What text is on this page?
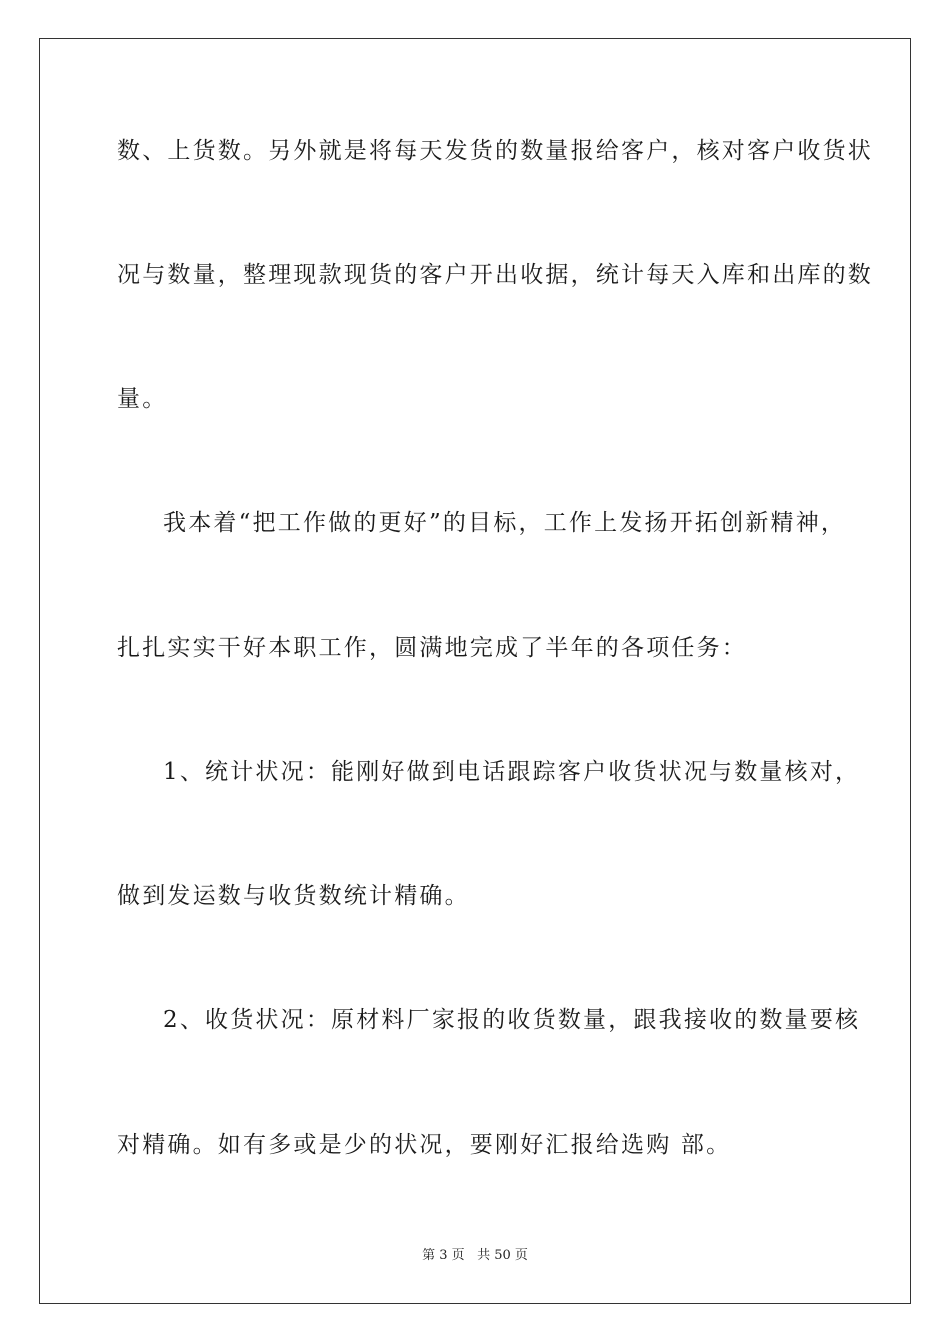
数、上货数。另外就是将每天发货的数量报给客户，核对客户收货状
况与数量，整理现款现货的客户开出收据，统计每天入库和出库的数
量。
我本着“把工作做的更好”的目标，工作上发扬开拓创新精神，
扎扎实实干好本职工作，圆满地完成了半年的各项任务：
1、统计状况：能刚好做到电话跟踪客户收货状况与数量核对，
做到发运数与收货数统计精确。
2、收货状况：原材料厂家报的收货数量，跟我接收的数量要核
对精确。如有多或是少的状况，要刚好汇报给选购 部。
第 3 页 共 50 页
